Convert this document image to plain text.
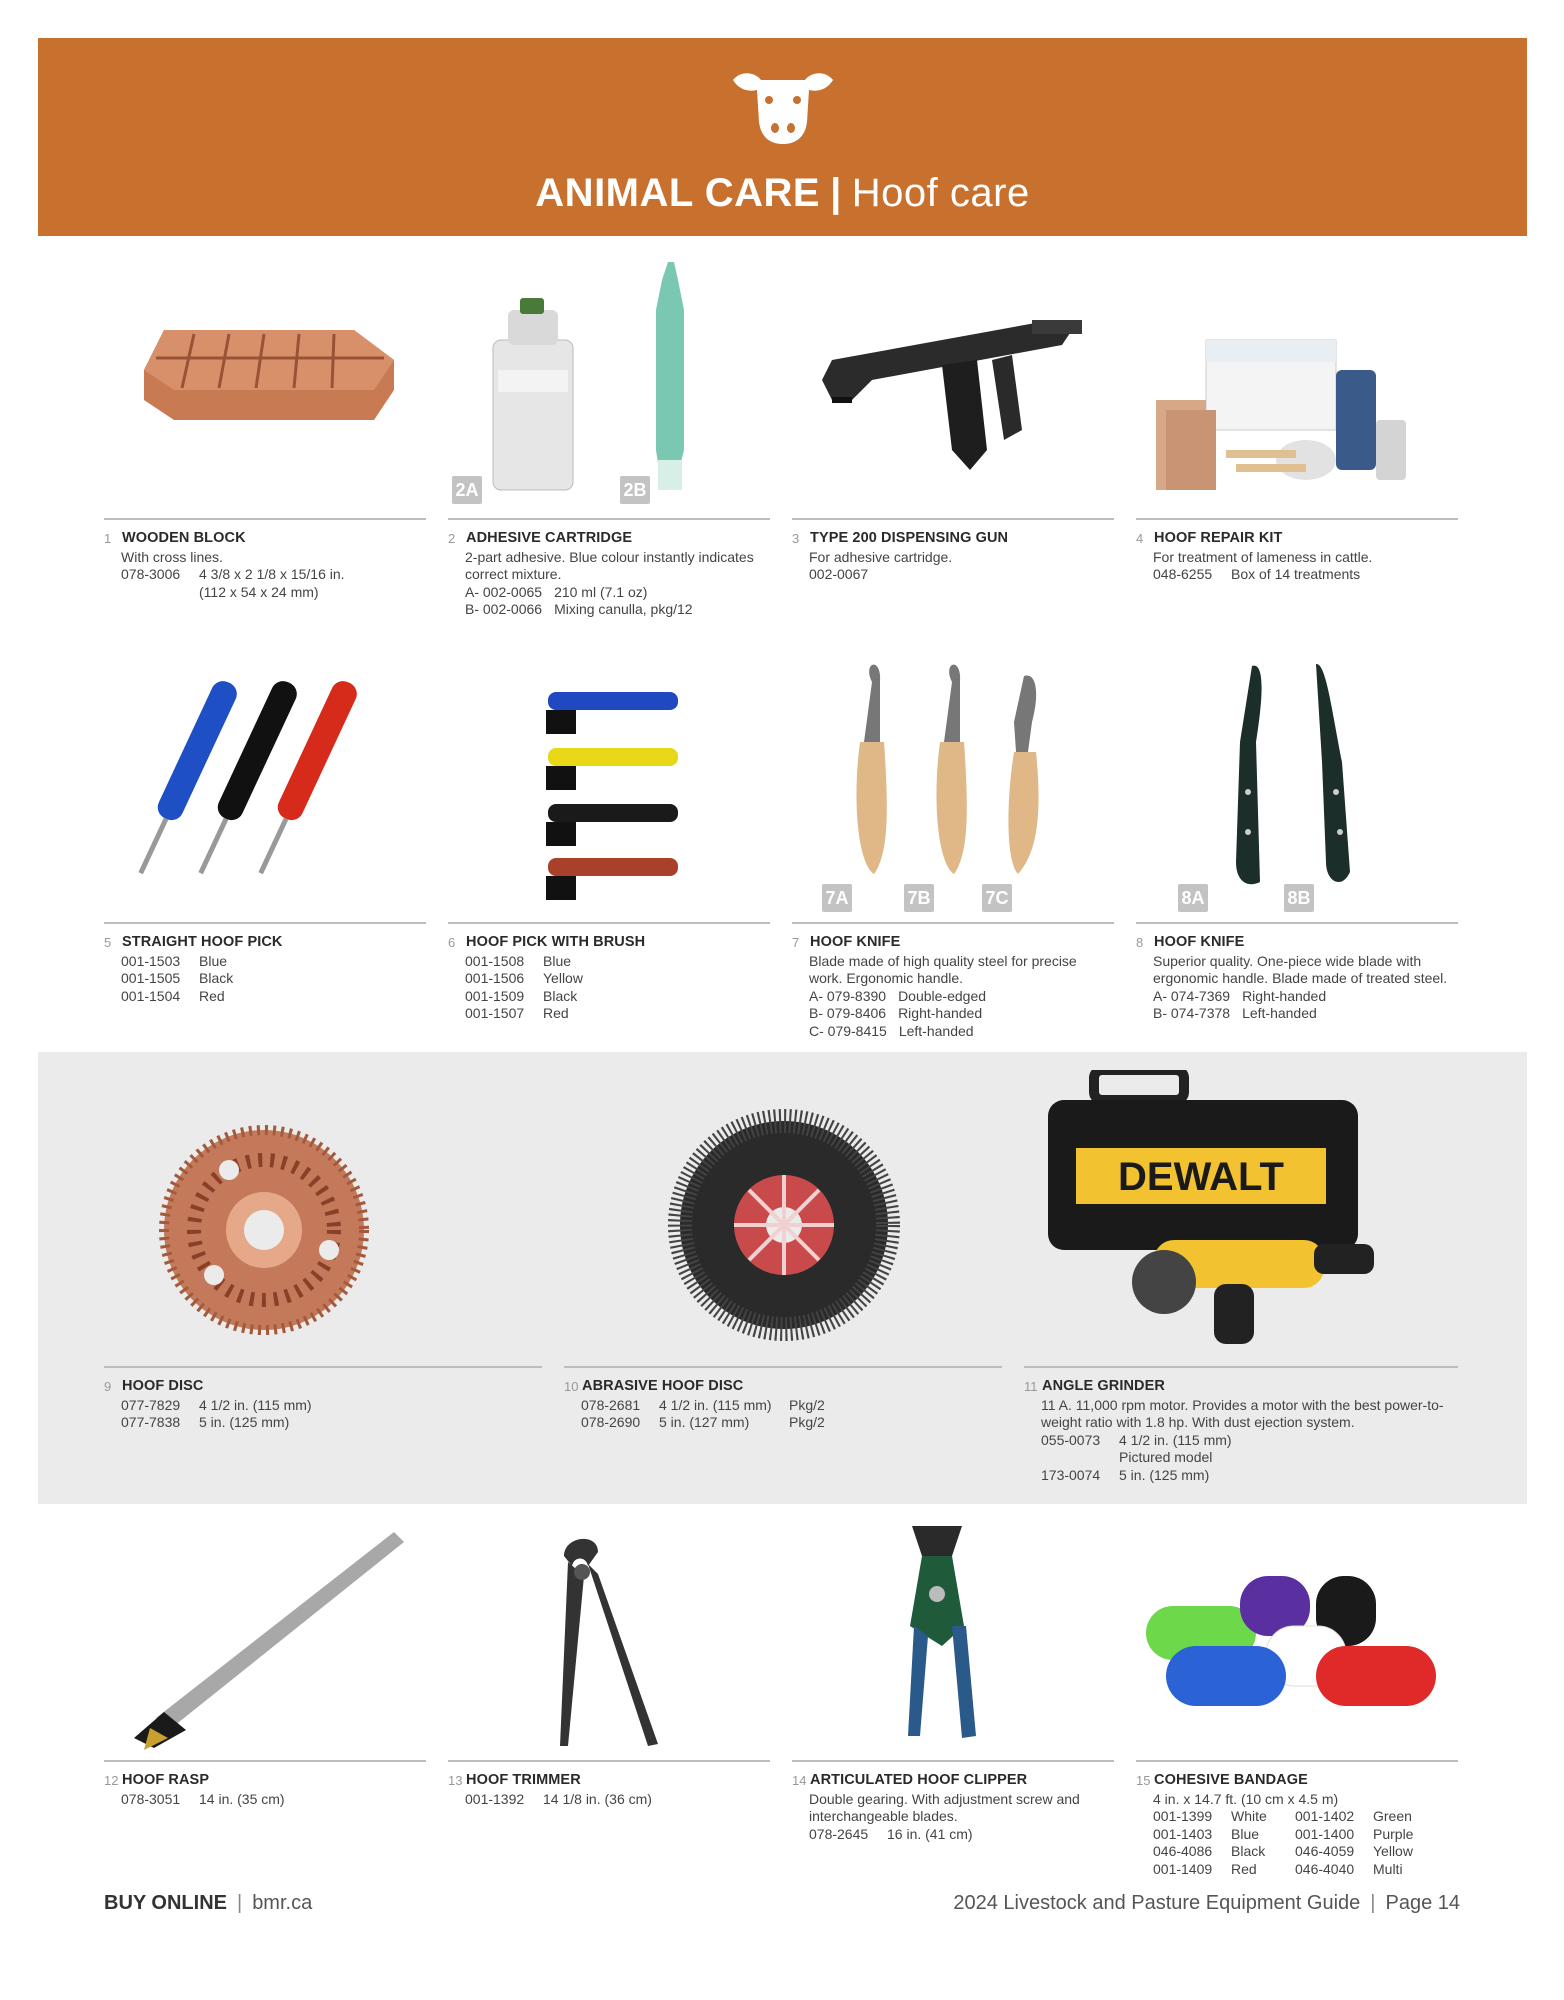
ANIMAL CARE | Hoof care
1 WOODEN BLOCK
With cross lines.
078-3006	4 3/8 x 2 1/8 x 15/16 in.
(112 x 54 x 24 mm)
2A	2B
2 ADHESIVE CARTRIDGE
2-part adhesive. Blue colour instantly indicates correct mixture.
A- 002-0065 210 ml (7.1 oz)
B- 002-0066 Mixing canulla, pkg/12
3 TYPE 200 DISPENSING GUN
For adhesive cartridge.
002-0067
4 HOOF REPAIR KIT
For treatment of lameness in cattle.
048-6255	Box of 14 treatments
5 STRAIGHT HOOF PICK
001-1503	Blue
001-1505	Black
001-1504	Red
6 HOOF PICK WITH BRUSH
001-1508	Blue
001-1506	Yellow
001-1509	Black
001-1507	Red
7A	7B	7C
7 HOOF KNIFE
Blade made of high quality steel for precise work. Ergonomic handle.
A- 079-8390 Double-edged
B- 079-8406 Right-handed
C- 079-8415 Left-handed
8A	8B
8 HOOF KNIFE
Superior quality. One-piece wide blade with ergonomic handle. Blade made of treated steel.
A- 074-7369 Right-handed
B- 074-7378 Left-handed
9 HOOF DISC
077-7829	4 1/2 in. (115 mm)
077-7838	5 in. (125 mm)
10 ABRASIVE HOOF DISC
078-2681	4 1/2 in. (115 mm)	Pkg/2
078-2690	5 in. (127 mm)	Pkg/2
DEWALT
11 ANGLE GRINDER
11 A. 11,000 rpm motor. Provides a motor with the best power-to-weight ratio with 1.8 hp. With dust ejection system.
055-0073	4 1/2 in. (115 mm)
Pictured model
173-0074	5 in. (125 mm)
12 HOOF RASP
078-3051	14 in. (35 cm)
13 HOOF TRIMMER
001-1392	14 1/8 in. (36 cm)
14 ARTICULATED HOOF CLIPPER
Double gearing. With adjustment screw and interchangeable blades.
078-2645	16 in. (41 cm)
15 COHESIVE BANDAGE
4 in. x 14.7 ft. (10 cm x 4.5 m)
001-1399	White	001-1402	Green
001-1403	Blue	001-1400	Purple
046-4086	Black	046-4059	Yellow
001-1409	Red	046-4040	Multi
BUY ONLINE | bmr.ca	2024 Livestock and Pasture Equipment Guide | Page 14
